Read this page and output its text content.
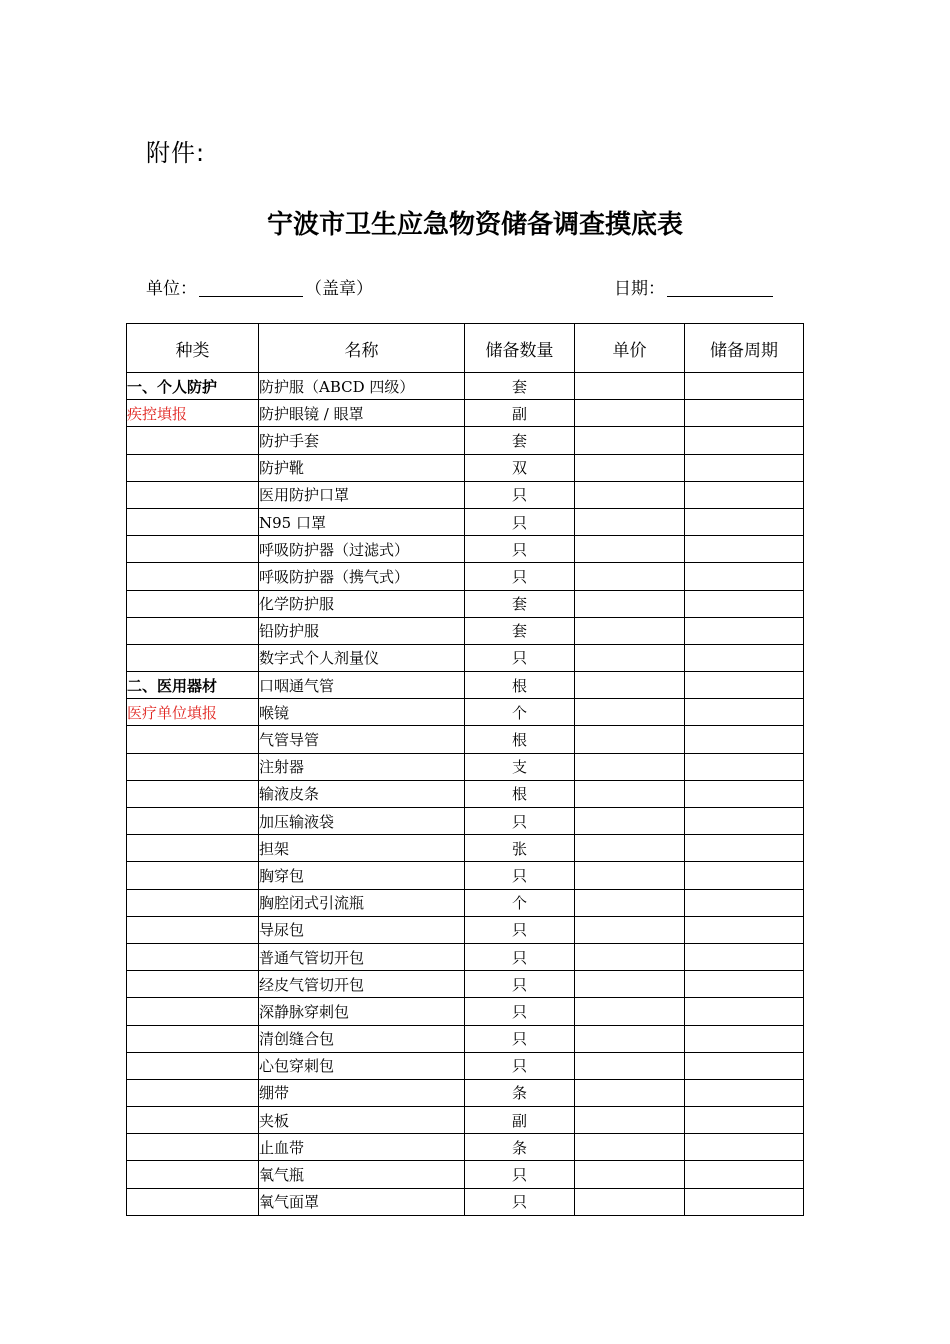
附件:
宁波市卫生应急物资储备调查摸底表
单位：	（盖章）	日期：
种类	名称	储备数量	单价	储备周期
一、个人防护	防护服（ABCD 四级）	套		
疾控填报	防护眼镜 / 眼罩	副		
	防护手套	套		
	防护靴	双		
	医用防护口罩	只		
	N95 口罩	只		
	呼吸防护器（过滤式）	只		
	呼吸防护器（携气式）	只		
	化学防护服	套		
	铅防护服	套		
	数字式个人剂量仪	只		
二、医用器材	口咽通气管	根		
医疗单位填报	喉镜	个		
	气管导管	根		
	注射器	支		
	输液皮条	根		
	加压输液袋	只		
	担架	张		
	胸穿包	只		
	胸腔闭式引流瓶	个		
	导尿包	只		
	普通气管切开包	只		
	经皮气管切开包	只		
	深静脉穿刺包	只		
	清创缝合包	只		
	心包穿刺包	只		
	绷带	条		
	夹板	副		
	止血带	条		
	氧气瓶	只		
	氧气面罩	只		
